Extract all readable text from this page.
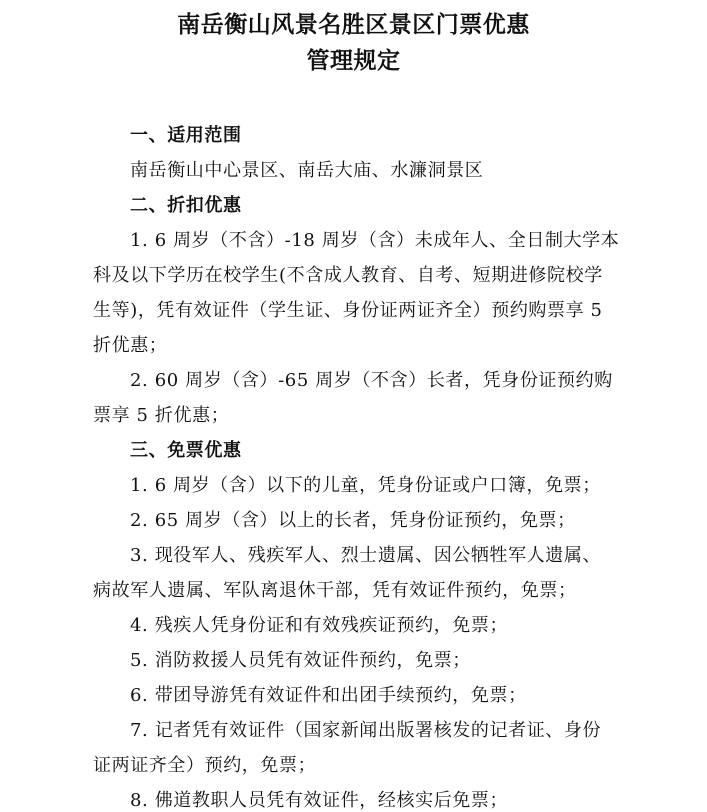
南岳衡山风景名胜区景区门票优惠
管理规定
一、适用范围
南岳衡山中心景区、南岳大庙、水濂洞景区
二、折扣优惠
1. 6 周岁（不含）-18 周岁（含）未成年人、全日制大学本
科及以下学历在校学生(不含成人教育、自考、短期进修院校学
生等)，凭有效证件（学生证、身份证两证齐全）预约购票享 5
折优惠；
2. 60 周岁（含）-65 周岁（不含）长者，凭身份证预约购
票享 5 折优惠；
三、免票优惠
1. 6 周岁（含）以下的儿童，凭身份证或户口簿，免票；
2. 65 周岁（含）以上的长者，凭身份证预约，免票；
3. 现役军人、残疾军人、烈士遗属、因公牺牲军人遗属、
病故军人遗属、军队离退休干部，凭有效证件预约，免票；
4. 残疾人凭身份证和有效残疾证预约，免票；
5. 消防救援人员凭有效证件预约，免票；
6. 带团导游凭有效证件和出团手续预约，免票；
7. 记者凭有效证件（国家新闻出版署核发的记者证、身份
证两证齐全）预约，免票；
8. 佛道教职人员凭有效证件，经核实后免票；
